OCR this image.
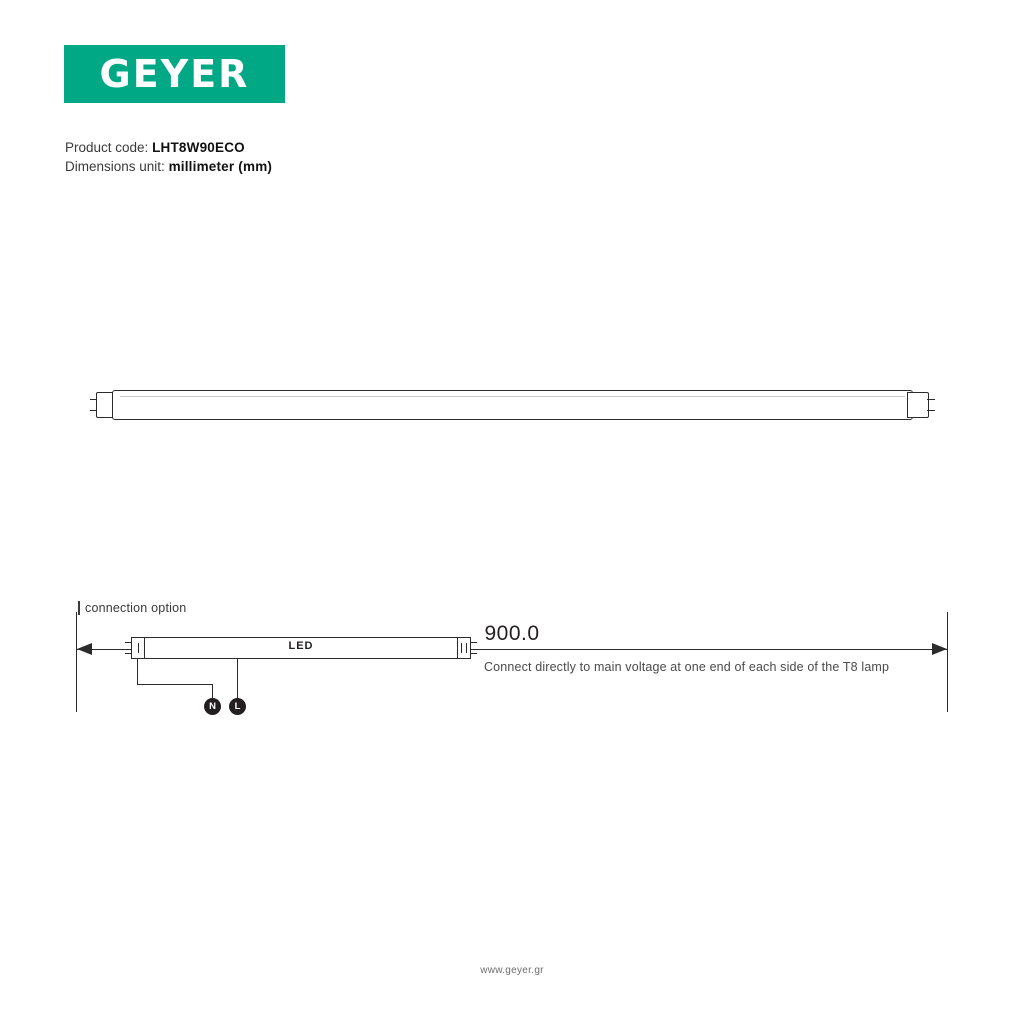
GEYER
Product code: LHT8W90ECO
Dimensions unit: millimeter (mm)
900.0
connection option
LED
N L
Connect directly to main voltage at one end of each side of the T8 lamp
www.geyer.gr
